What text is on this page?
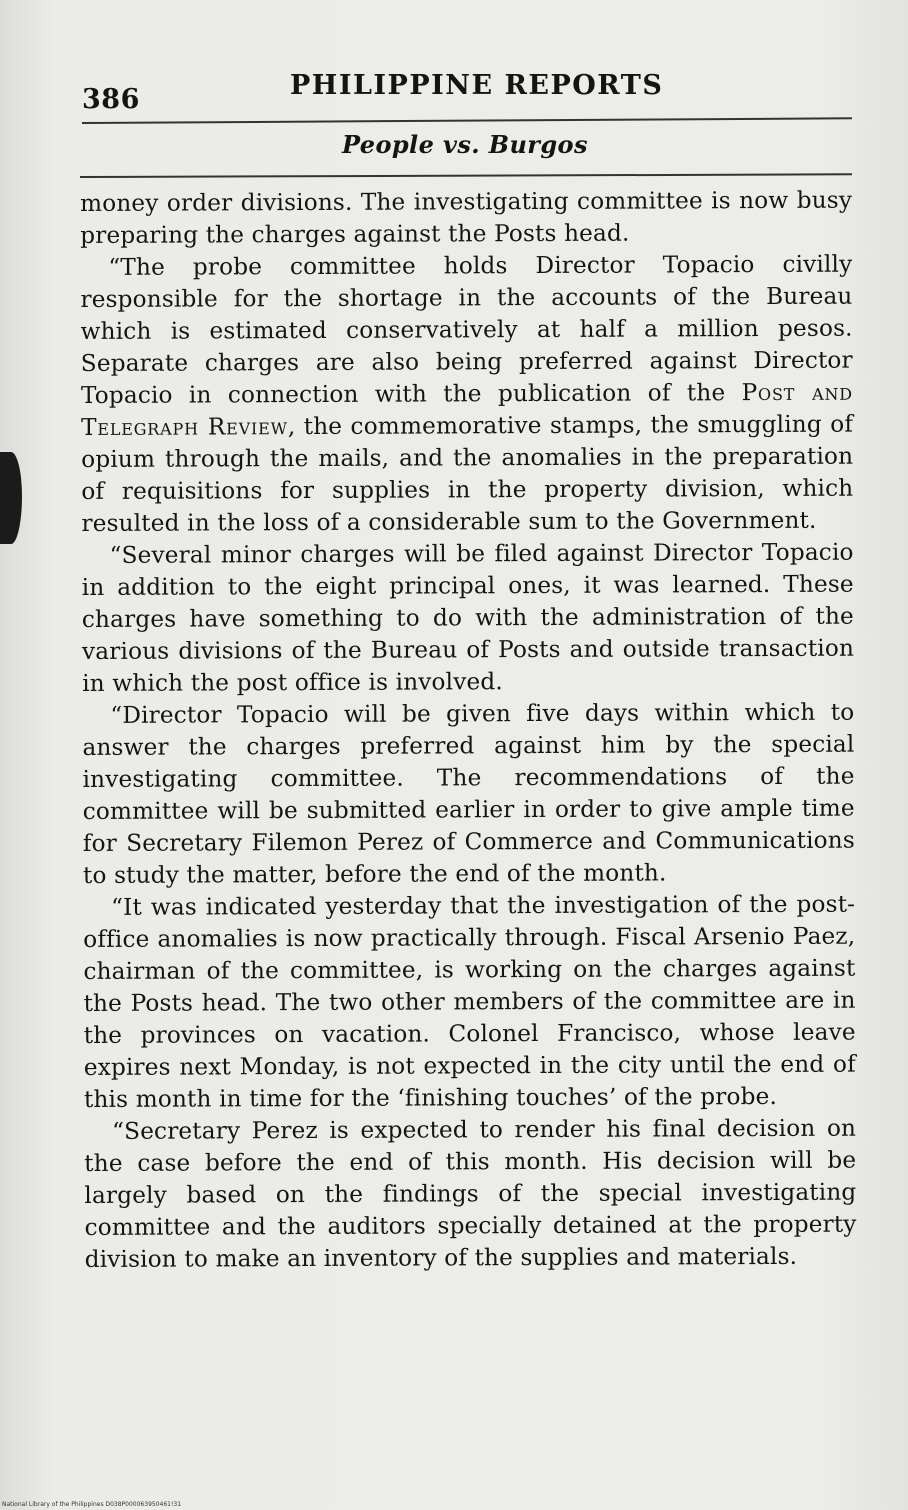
386	PHILIPPINE REPORTS
People vs. Burgos

money order divisions. The investigating committee is now busy preparing the charges against the Posts head.

“The probe committee holds Director Topacio civilly responsible for the shortage in the accounts of the Bureau which is estimated conservatively at half a million pesos. Separate charges are also being preferred against Director Topacio in connection with the publication of the Post and Telegraph Review, the commemorative stamps, the smuggling of opium through the mails, and the anomalies in the preparation of requisitions for supplies in the property division, which resulted in the loss of a considerable sum to the Government.

“Several minor charges will be filed against Director Topacio in addition to the eight principal ones, it was learned. These charges have something to do with the administration of the various divisions of the Bureau of Posts and outside transaction in which the post office is involved.

“Director Topacio will be given five days within which to answer the charges preferred against him by the special investigating committee. The recommendations of the committee will be submitted earlier in order to give ample time for Secretary Filemon Perez of Commerce and Communications to study the matter, before the end of the month.

“It was indicated yesterday that the investigation of the post-office anomalies is now practically through. Fiscal Arsenio Paez, chairman of the committee, is working on the charges against the Posts head. The two other members of the committee are in the provinces on vacation. Colonel Francisco, whose leave expires next Monday, is not expected in the city until the end of this month in time for the ‘finishing touches’ of the probe.

“Secretary Perez is expected to render his final decision on the case before the end of this month. His decision will be largely based on the findings of the special investigating committee and the auditors specially detained at the property division to make an inventory of the supplies and materials.

National Library of the Philippines D038P000063950461!31
